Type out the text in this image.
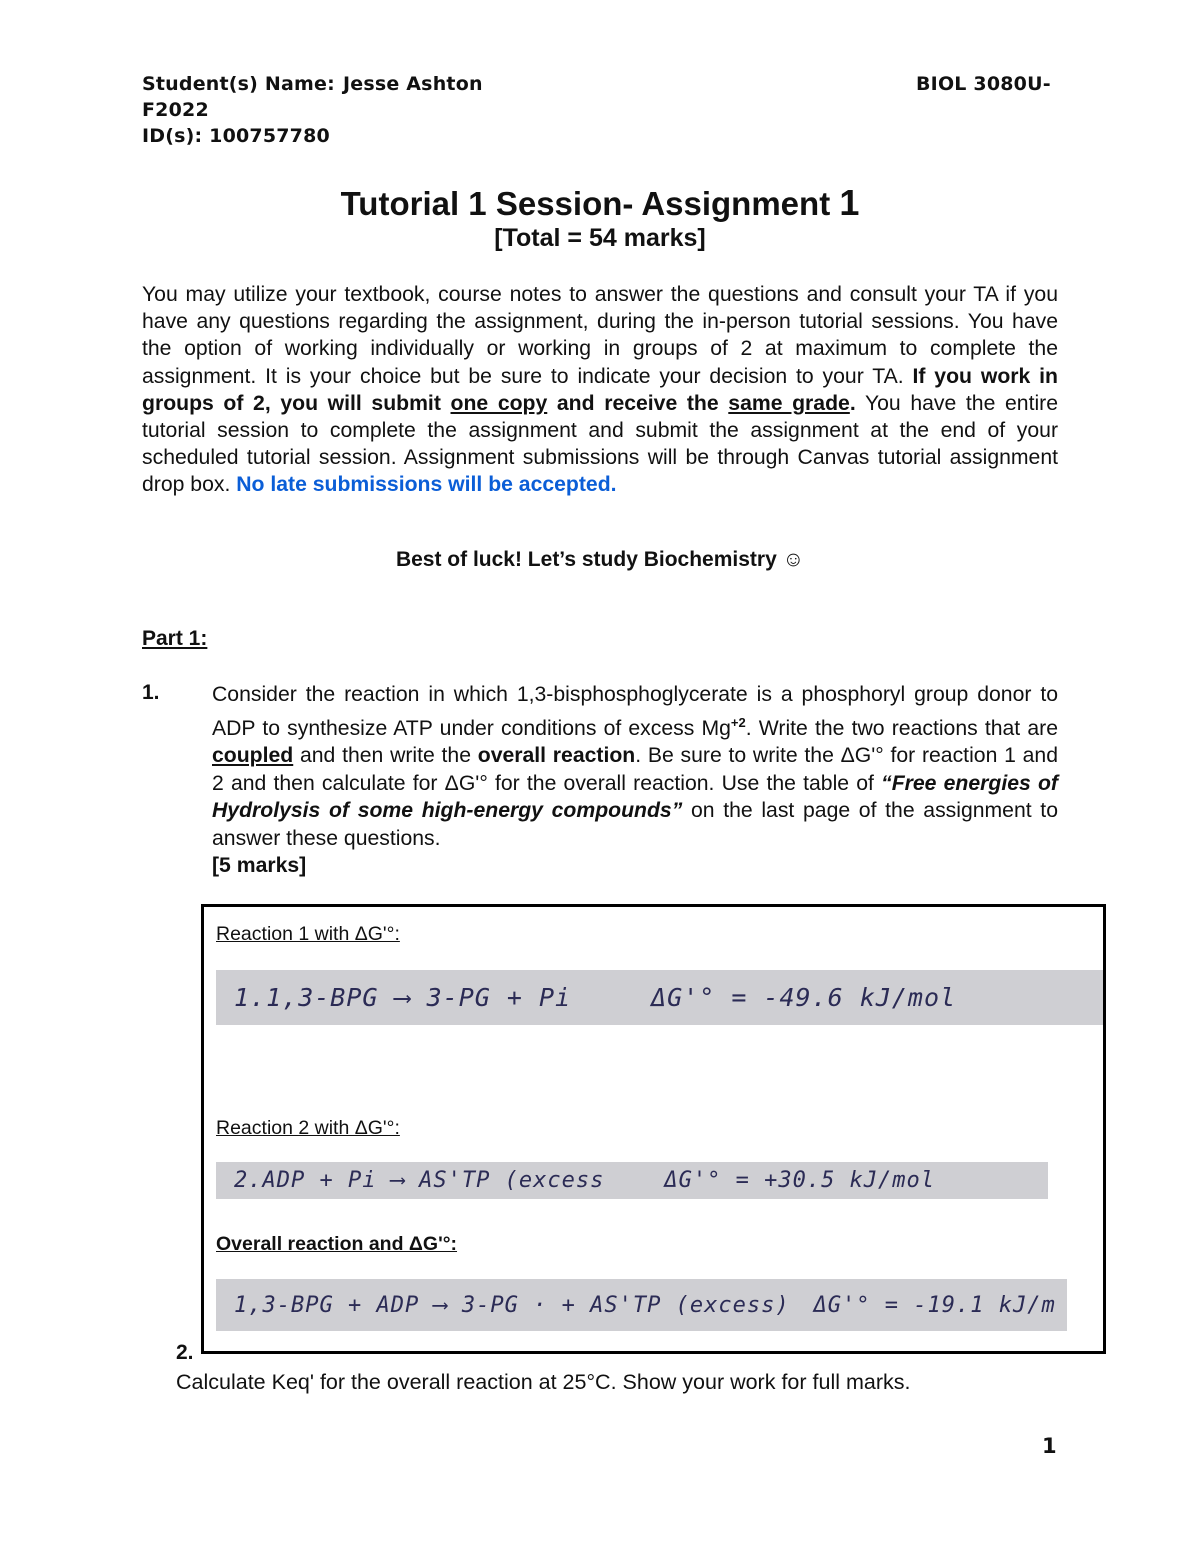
Student(s) Name: Jesse Ashton	BIOL 3080U-
F2022
ID(s): 100757780
Tutorial 1 Session- Assignment 1
[Total = 54 marks]
You may utilize your textbook, course notes to answer the questions and consult your TA if you have any questions regarding the assignment, during the in-person tutorial sessions. You have the option of working individually or working in groups of 2 at maximum to complete the assignment. It is your choice but be sure to indicate your decision to your TA. If you work in groups of 2, you will submit one copy and receive the same grade. You have the entire tutorial session to complete the assignment and submit the assignment at the end of your scheduled tutorial session. Assignment submissions will be through Canvas tutorial assignment drop box. No late submissions will be accepted.
Best of luck! Let’s study Biochemistry ☺
Part 1:
1. Consider the reaction in which 1,3-bisphosphoglycerate is a phosphoryl group donor to ADP to synthesize ATP under conditions of excess $Mg^{+2}$. Write the two reactions that are coupled and then write the overall reaction. Be sure to write the ΔG'° for reaction 1 and 2 and then calculate for ΔG'° for the overall reaction. Use the table of “Free energies of Hydrolysis of some high-energy compounds” on the last page of the assignment to answer these questions.
[5 marks]
Reaction 1 with ΔG'°:
1.1,3-BPG ⟶ 3-PG + Pi	ΔG'° = -49.6 kJ/mol
Reaction 2 with ΔG'°:
2.ADP + Pi ⟶ AS'TP (excess	ΔG'° = +30.5 kJ/mol
Overall reaction and ΔG'°:
1,3-BPG + ADP ⟶ 3-PG · + AS'TP (excess) ΔG'° = -19.1 kJ/m
2.
Calculate Keq' for the overall reaction at 25°C. Show your work for full marks.
1
